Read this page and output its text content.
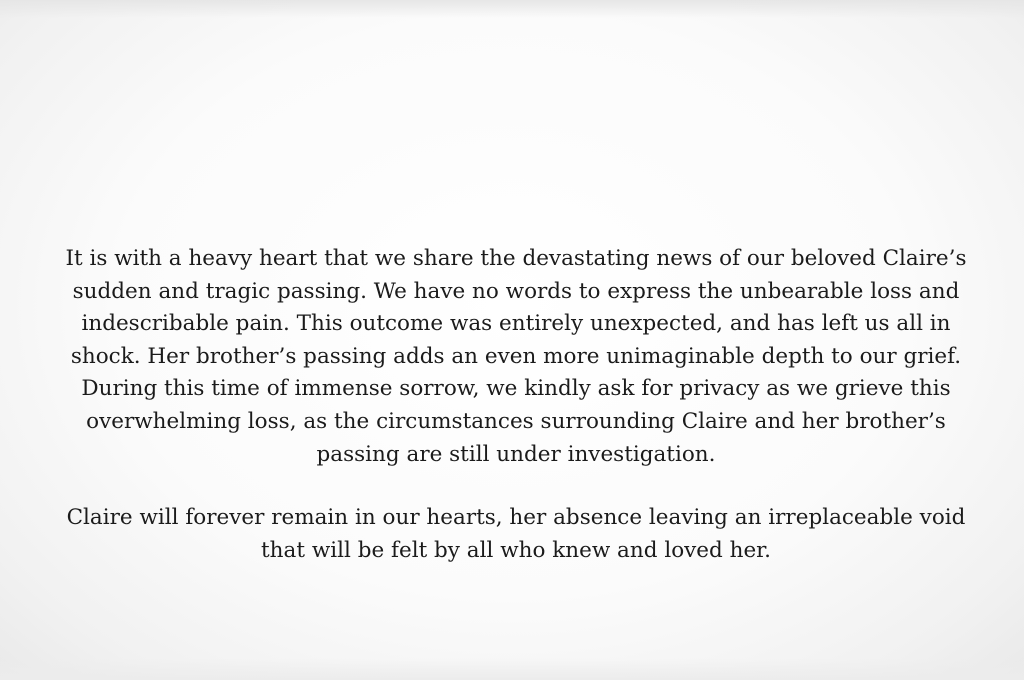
It is with a heavy heart that we share the devastating news of our beloved Claire’s
sudden and tragic passing. We have no words to express the unbearable loss and
indescribable pain. This outcome was entirely unexpected, and has left us all in
shock. Her brother’s passing adds an even more unimaginable depth to our grief.
During this time of immense sorrow, we kindly ask for privacy as we grieve this
overwhelming loss, as the circumstances surrounding Claire and her brother’s
passing are still under investigation.
Claire will forever remain in our hearts, her absence leaving an irreplaceable void
that will be felt by all who knew and loved her.
